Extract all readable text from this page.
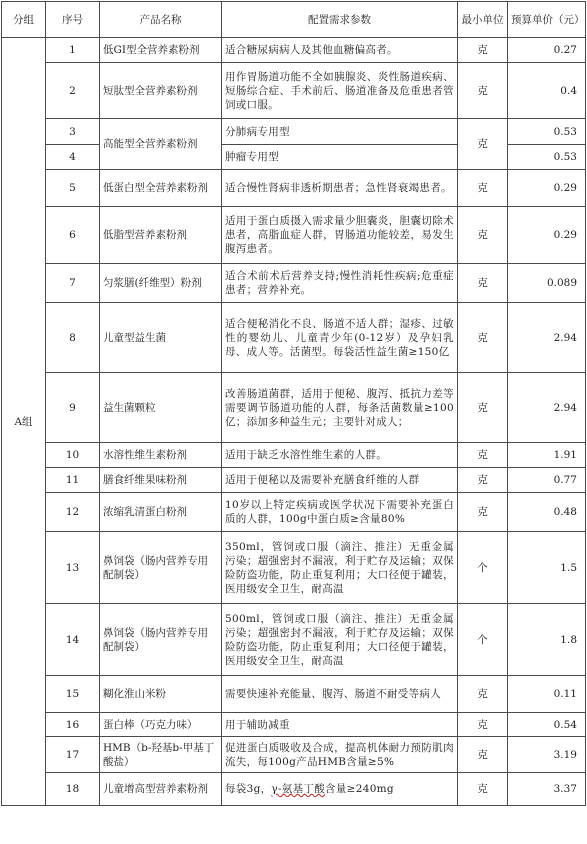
分组	序号	产品名称	配置需求参数	最小单位	预算单价（元）
A组	1	低GI型全营养素粉剂	适合糖尿病病人及其他血糖偏高者。	克	0.27
	2	短肽型全营养素粉剂	用作胃肠道功能不全如胰腺炎、炎性肠道疾病、短肠综合症、手术前后、肠道准备及危重患者管饲或口服。	克	0.4
	3	高能型全营养素粉剂	分肺病专用型	克	0.53
	4		肿瘤专用型		0.53
	5	低蛋白型全营养素粉剂	适合慢性肾病非透析期患者；急性肾衰竭患者。	克	0.29
	6	低脂型营养素粉剂	适用于蛋白质摄入需求量少胆囊炎，胆囊切除术患者，高脂血症人群，胃肠道功能较差，易发生腹泻患者。	克	0.29
	7	匀浆膳(纤维型）粉剂	适合术前术后营养支持;慢性消耗性疾病;危重症患者；营养补充。	克	0.089
	8	儿童型益生菌	适合便秘消化不良、肠道不适人群；湿疹、过敏性的婴幼儿、儿童青少年(0-12岁）及孕妇乳母、成人等。活菌型。每袋活性益生菌≥150亿	克	2.94
	9	益生菌颗粒	改善肠道菌群，适用于便秘、腹泻、抵抗力差等需要调节肠道功能的人群，每条活菌数量≥100亿；添加多种益生元；主要针对成人；	克	2.94
	10	水溶性维生素粉剂	适用于缺乏水溶性维生素的人群。	克	1.91
	11	膳食纤维果味粉剂	适用于便秘以及需要补充膳食纤维的人群	克	0.77
	12	浓缩乳清蛋白粉剂	10岁以上特定疾病或医学状况下需要补充蛋白质的人群，100g中蛋白质≥含量80%	克	0.48
	13	鼻饲袋（肠内营养专用配制袋）	350ml，管饲或口服（滴注、推注）无重金属污染；超强密封不漏液，利于贮存及运输；双保险防盗功能，防止重复利用；大口径便于罐装，医用级安全卫生，耐高温	个	1.5
	14	鼻饲袋（肠内营养专用配制袋）	500ml，管饲或口服（滴注、推注）无重金属污染；超强密封不漏液，利于贮存及运输；双保险防盗功能，防止重复利用；大口径便于罐装，医用级安全卫生，耐高温	个	1.8
	15	糊化淮山米粉	需要快速补充能量、腹泻、肠道不耐受等病人	克	0.11
	16	蛋白棒（巧克力味）	用于辅助减重	克	0.54
	17	HMB（b-羟基b-甲基丁酸盐）	促进蛋白质吸收及合成，提高机体耐力预防肌肉流失，每100g产品HMB含量≥5%	克	3.19
	18	儿童增高型营养素粉剂	每袋3g，γ-氨基丁酸含量≥240mg	克	3.37
